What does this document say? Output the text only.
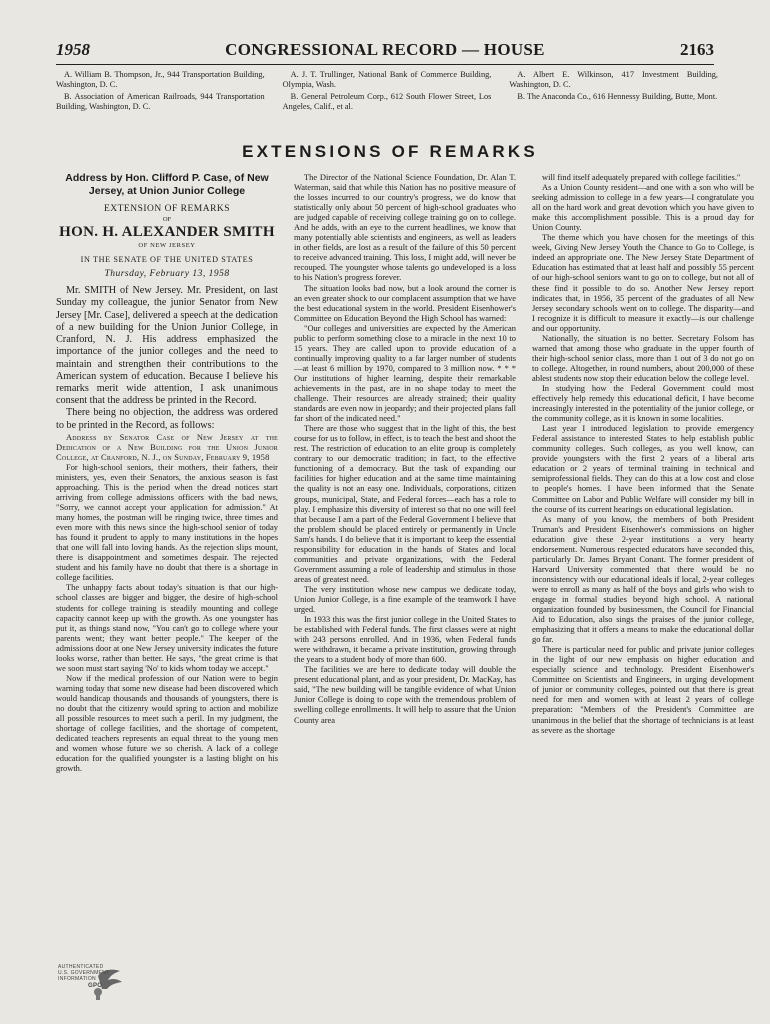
1958	CONGRESSIONAL RECORD — HOUSE	2163

A. William B. Thompson, Jr., 944 Transportation Building, Washington, D. C.

B. Association of American Railroads, 944 Transportation Building, Washington, D. C.

A. J. T. Trullinger, National Bank of Commerce Building, Olympia, Wash.

B. General Petroleum Corp., 612 South Flower Street, Los Angeles, Calif., et al.

A. Albert E. Wilkinson, 417 Investment Building, Washington, D. C.

B. The Anaconda Co., 616 Hennessy Building, Butte, Mont.

EXTENSIONS OF REMARKS
Address by Hon. Clifford P. Case, of New Jersey, at Union Junior College
EXTENSION OF REMARKS
OF
HON. H. ALEXANDER SMITH
OF NEW JERSEY
IN THE SENATE OF THE UNITED STATES
Thursday, February 13, 1958

Mr. SMITH of New Jersey. Mr. President, on last Sunday my colleague, the junior Senator from New Jersey [Mr. Case], delivered a speech at the dedication of a new building for the Union Junior College, in Cranford, N. J. His address emphasized the importance of the junior colleges and the need to maintain and strengthen their contributions to the American system of education. Because I believe his remarks merit wide attention, I ask unanimous consent that the address be printed in the Record.

There being no objection, the address was ordered to be printed in the Record, as follows:

Address by Senator Case of New Jersey at the Dedication of a New Building for the Union Junior College, at Cranford, N. J., on Sunday, February 9, 1958

For high-school seniors, their mothers, their fathers, their ministers, yes, even their Senators, the anxious season is fast approaching. This is the period when the dread notices start arriving from college admissions officers with the bad news, "Sorry, we cannot accept your application for admission." At many homes, the postman will be ringing twice, three times and even more with this news since the high-school senior of today has found it prudent to apply to many institutions in the hopes that one will fall into loving hands. As the rejection slips mount, there is disappointment and sometimes despair. The rejected student and his family have no doubt that there is a shortage in college facilities.

The unhappy facts about today's situation is that our high-school classes are bigger and bigger, the desire of high-school students for college training is steadily mounting and college capacity cannot keep up with the growth. As one youngster has put it, as things stand now, "You can't go to college where your parents went; they want better people." The keeper of the admissions door at one New Jersey university indicates the future looks worse, rather than better. He says, "the great crime is that we soon must start saying 'No' to kids whom today we accept."

Now if the medical profession of our Nation were to begin warning today that some new disease had been discovered which would handicap thousands and thousands of youngsters, there is no doubt that the citizenry would spring to action and mobilize all possible resources to meet such a peril. In my judgment, the shortage of college facilities, and the shortage of competent, dedicated teachers represents an equal threat to the young men and women whose future we so cherish. A lack of a college education for the qualified youngster is a lasting blight on his growth.

The Director of the National Science Foundation, Dr. Alan T. Waterman, said that while this Nation has no positive measure of the losses incurred to our country's progress, we do know that statistically only about 50 percent of high-school graduates who are judged capable of receiving college training go on to college. And he adds, with an eye to the current headlines, we know that many potentially able scientists and engineers, as well as leaders in other fields, are lost as a result of the failure of this 50 percent to receive advanced training. This loss, I might add, will never be recouped. The youngster whose talents go undeveloped is a loss to his Nation's progress forever.

The situation looks bad now, but a look around the corner is an even greater shock to our complacent assumption that we have the best educational system in the world. President Eisenhower's Committee on Education Beyond the High School has warned:

"Our colleges and universities are expected by the American public to perform something close to a miracle in the next 10 to 15 years. They are called upon to provide education of a continually improving quality to a far larger number of students—at least 6 million by 1970, compared to 3 million now. * * * Our institutions of higher learning, despite their remarkable achievements in the past, are in no shape today to meet the challenge. Their resources are already strained; their quality standards are even now in jeopardy; and their projected plans fall far short of the indicated need."

There are those who suggest that in the light of this, the best course for us to follow, in effect, is to teach the best and shoot the rest. The restriction of education to an elite group is completely contrary to our democratic tradition; in fact, to the effective functioning of a democracy. But the task of expanding our facilities for higher education and at the same time maintaining the quality is not an easy one. Individuals, corporations, citizen groups, municipal, State, and Federal forces—each has a role to play. I emphasize this diversity of interest so that no one will feel that because I am a part of the Federal Government I believe that the problem should be placed entirely or permanently in Uncle Sam's hands. I do believe that it is important to keep the essential responsibility for education in the hands of States and local communities and private organizations, with the Federal Government assuming a role of leadership and stimulus in those areas of greatest need.

The very institution whose new campus we dedicate today, Union Junior College, is a fine example of the teamwork I have urged.

In 1933 this was the first junior college in the United States to be established with Federal funds. The first classes were at night with 243 persons enrolled. And in 1936, when Federal funds were withdrawn, it became a private institution, growing through the years to a student body of more than 600.

The facilities we are here to dedicate today will double the present educational plant, and as your president, Dr. MacKay, has said, "The new building will be tangible evidence of what Union Junior College is doing to cope with the tremendous problem of swelling college enrollments. It will help to assure that the Union County area

will find itself adequately prepared with college facilities."

As a Union County resident—and one with a son who will be seeking admission to college in a few years—I congratulate you all on the hard work and great devotion which you have given to make this accomplishment possible. This is a proud day for Union County.

The theme which you have chosen for the meetings of this week, Giving New Jersey Youth the Chance to Go to College, is indeed an appropriate one. The New Jersey State Department of Education has estimated that at least half and possibly 55 percent of our high-school seniors want to go on to college, but not all of these find it possible to do so. Another New Jersey report indicates that, in 1956, 35 percent of the graduates of all New Jersey secondary schools went on to college. The disparity—and I recognize it is difficult to measure it exactly—is our challenge and our opportunity.

Nationally, the situation is no better. Secretary Folsom has warned that among those who graduate in the upper fourth of their high-school senior class, more than 1 out of 3 do not go on to college. Altogether, in round numbers, about 200,000 of these ablest students now stop their education below the college level.

In studying how the Federal Government could most effectively help remedy this educational deficit, I have become increasingly interested in the potentiality of the junior college, or the community college, as it is known in some localities.

Last year I introduced legislation to provide emergency Federal assistance to interested States to help establish public community colleges. Such colleges, as you well know, can provide youngsters with the first 2 years of a liberal arts education or 2 years of terminal training in technical and semiprofessional fields. They can do this at a low cost and close to people's homes. I have been informed that the Senate Committee on Labor and Public Welfare will consider my bill in the course of its current hearings on educational legislation.

As many of you know, the members of both President Truman's and President Eisenhower's commissions on higher education give these 2-year institutions a very hearty endorsement. Numerous respected educators have seconded this, particularly Dr. James Bryant Conant. The former president of Harvard University commented that there would be no inconsistency with our educational ideals if local, 2-year colleges were to enroll as many as half of the boys and girls who wish to engage in formal studies beyond high school. A national organization founded by businessmen, the Council for Financial Aid to Education, also sings the praises of the junior college, emphasizing that it offers a means to make the educational dollar go far.

There is particular need for public and private junior colleges in the light of our new emphasis on higher education and especially science and technology. President Eisenhower's Committee on Scientists and Engineers, in urging development of junior or community colleges, pointed out that there is great need for men and women with at least 2 years of college preparation: "Members of the President's Committee are unanimous in the belief that the shortage of technicians is at least as severe as the shortage

AUTHENTICATED
U.S. GOVERNMENT
INFORMATION
GPO
